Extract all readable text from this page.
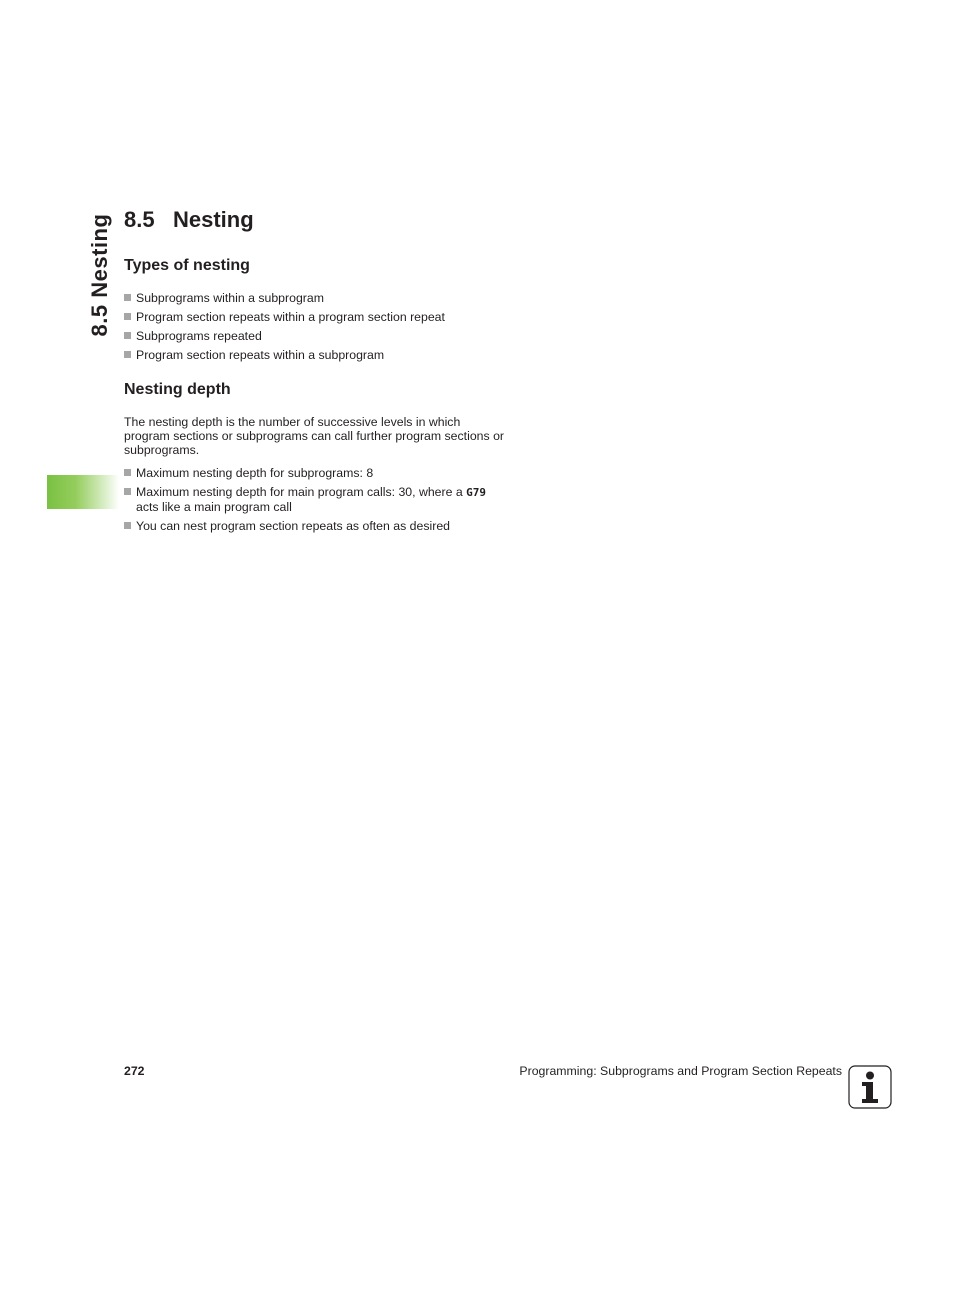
8.5 Nesting 8.5 Nesting
Types of nesting
Subprograms within a subprogram
Program section repeats within a program section repeat
Subprograms repeated
Program section repeats within a subprogram
Nesting depth

The nesting depth is the number of successive levels in which
program sections or subprograms can call further program sections or
subprograms.

Maximum nesting depth for subprograms: 8
Maximum nesting depth for main program calls: 30, where a G79
acts like a main program call
You can nest program section repeats as often as desired
272	Programming: Subprograms and Program Section Repeats
